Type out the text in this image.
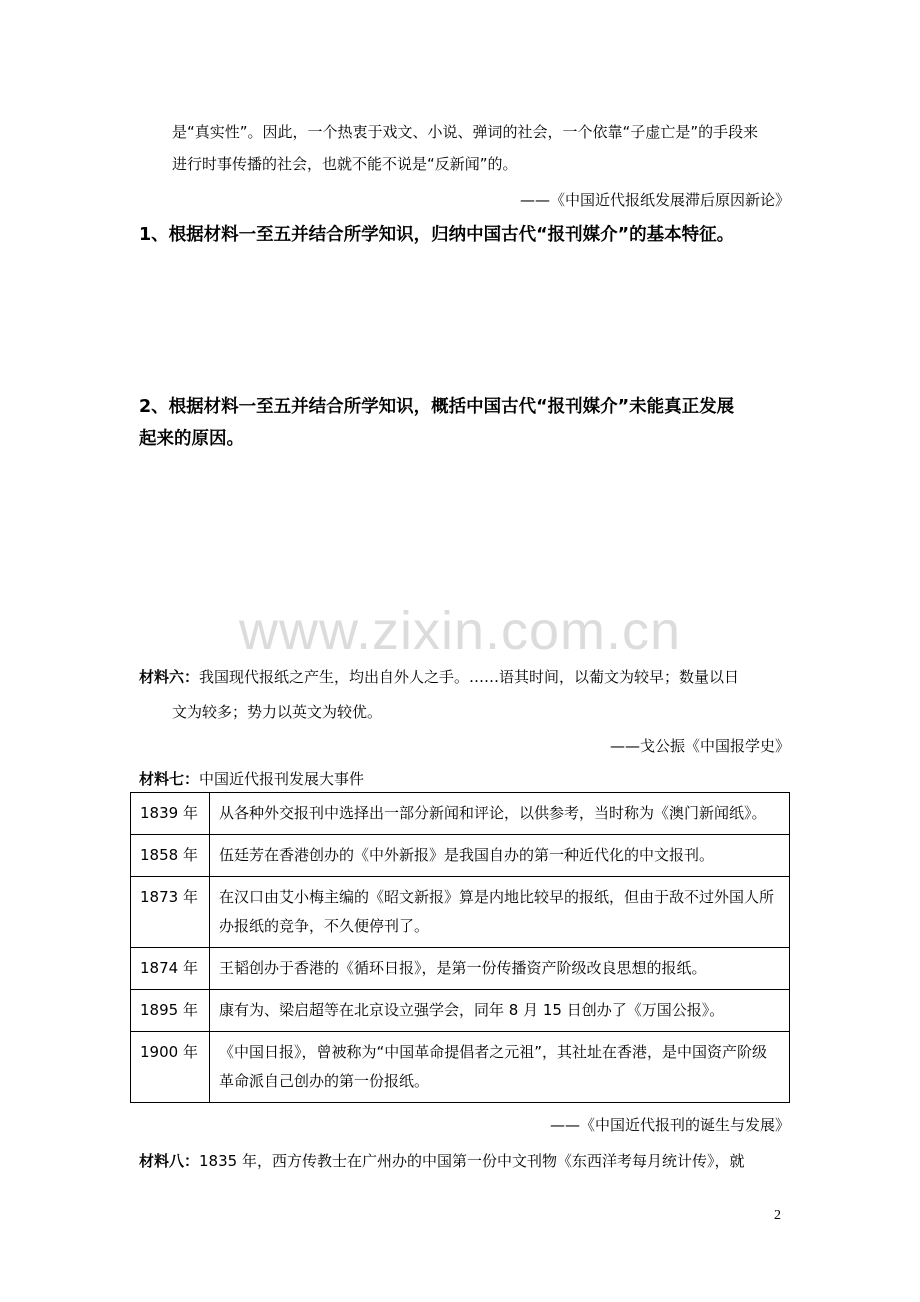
是“真实性”。因此，一个热衷于戏文、小说、弹词的社会，一个依靠“子虚亡是”的手段来
进行时事传播的社会，也就不能不说是“反新闻”的。
——《中国近代报纸发展滞后原因新论》
1、根据材料一至五并结合所学知识，归纳中国古代“报刊媒介”的基本特征。
2、根据材料一至五并结合所学知识，概括中国古代“报刊媒介”未能真正发展
起来的原因。
www.zixin.com.cn
材料六：我国现代报纸之产生，均出自外人之手。……语其时间，以葡文为较早；数量以日
文为较多；势力以英文为较优。
——戈公振《中国报学史》
材料七：中国近代报刊发展大事件
1839 年	从各种外交报刊中选择出一部分新闻和评论，以供参考，当时称为《澳门新闻纸》。
1858 年	伍廷芳在香港创办的《中外新报》是我国自办的第一种近代化的中文报刊。
1873 年	在汉口由艾小梅主编的《昭文新报》算是内地比较早的报纸，但由于敌不过外国人所办报纸的竞争，不久便停刊了。
1874 年	王韬创办于香港的《循环日报》，是第一份传播资产阶级改良思想的报纸。
1895 年	康有为、梁启超等在北京设立强学会，同年 8 月 15 日创办了《万国公报》。
1900 年	《中国日报》，曾被称为“中国革命提倡者之元祖”，其社址在香港，是中国资产阶级革命派自己创办的第一份报纸。
——《中国近代报刊的诞生与发展》
材料八：1835 年，西方传教士在广州办的中国第一份中文刊物《东西洋考每月统计传》，就
2
